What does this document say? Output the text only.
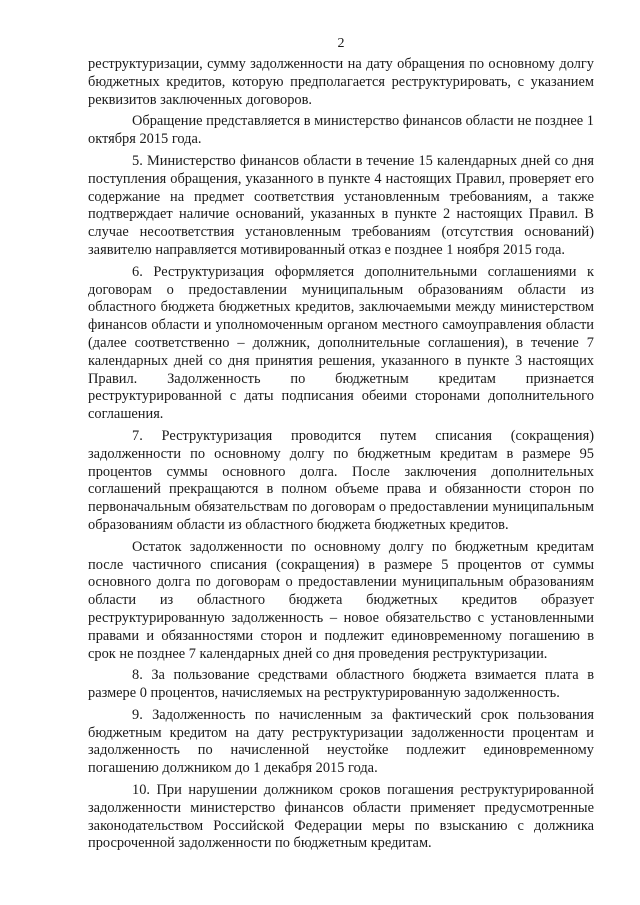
2

реструктуризации, сумму задолженности на дату обращения по основному долгу бюджетных кредитов, которую предполагается реструктурировать, с указанием реквизитов заключенных договоров.

Обращение представляется в министерство финансов области не позднее 1 октября 2015 года.

5. Министерство финансов области в течение 15 календарных дней со дня поступления обращения, указанного в пункте 4 настоящих Правил, проверяет его содержание на предмет соответствия установленным требованиям, а также подтверждает наличие оснований, указанных в пункте 2 настоящих Правил. В случае несоответствия установленным требованиям (отсутствия оснований) заявителю направляется мотивированный отказ е позднее 1 ноября 2015 года.

6. Реструктуризация оформляется дополнительными соглашениями к договорам о предоставлении муниципальным образованиям области из областного бюджета бюджетных кредитов, заключаемыми между министерством финансов области и уполномоченным органом местного самоуправления области (далее соответственно – должник, дополнительные соглашения), в течение 7 календарных дней со дня принятия решения, указанного в пункте 3 настоящих Правил. Задолженность по бюджетным кредитам признается реструктурированной с даты подписания обеими сторонами дополнительного соглашения.

7. Реструктуризация проводится путем списания (сокращения) задолженности по основному долгу по бюджетным кредитам в размере 95 процентов суммы основного долга. После заключения дополнительных соглашений прекращаются в полном объеме права и обязанности сторон по первоначальным обязательствам по договорам о предоставлении муниципальным образованиям области из областного бюджета бюджетных кредитов.

Остаток задолженности по основному долгу по бюджетным кредитам после частичного списания (сокращения) в размере 5 процентов от суммы основного долга по договорам о предоставлении муниципальным образованиям области из областного бюджета бюджетных кредитов образует реструктурированную задолженность – новое обязательство с установленными правами и обязанностями сторон и подлежит единовременному погашению в срок не позднее 7 календарных дней со дня проведения реструктуризации.

8. За пользование средствами областного бюджета взимается плата в размере 0 процентов, начисляемых на реструктурированную задолженность.

9. Задолженность по начисленным за фактический срок пользования бюджетным кредитом на дату реструктуризации задолженности процентам и задолженность по начисленной неустойке подлежит единовременному погашению должником до 1 декабря 2015 года.

10. При нарушении должником сроков погашения реструктурированной задолженности министерство финансов области применяет предусмотренные законодательством Российской Федерации меры по взысканию с должника просроченной задолженности по бюджетным кредитам.
